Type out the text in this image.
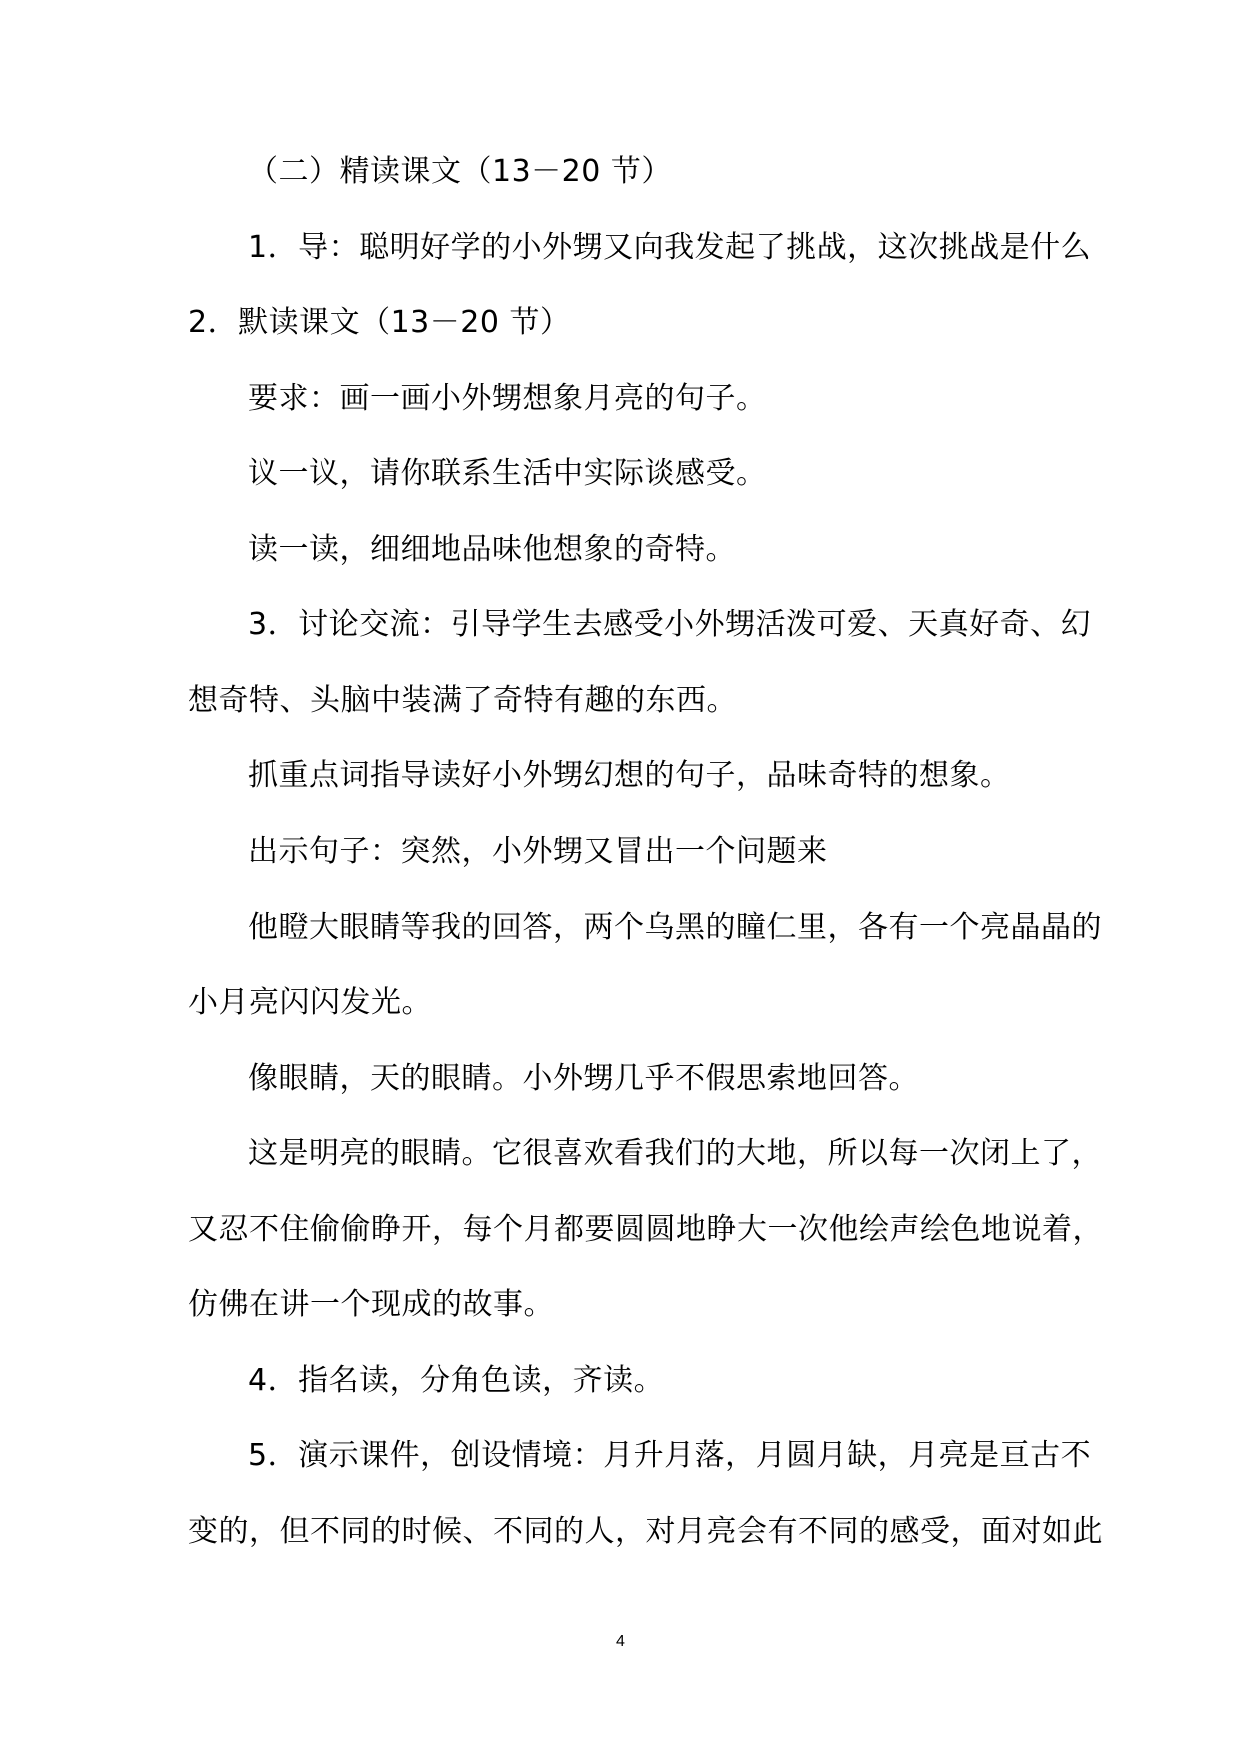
（二）精读课文（13－20 节）
1．导：聪明好学的小外甥又向我发起了挑战，这次挑战是什么
2．默读课文（13－20 节）
要求：画一画小外甥想象月亮的句子。
议一议，请你联系生活中实际谈感受。
读一读，细细地品味他想象的奇特。
3．讨论交流：引导学生去感受小外甥活泼可爱、天真好奇、幻
想奇特、头脑中装满了奇特有趣的东西。
抓重点词指导读好小外甥幻想的句子，品味奇特的想象。
出示句子：突然，小外甥又冒出一个问题来
他瞪大眼睛等我的回答，两个乌黑的瞳仁里，各有一个亮晶晶的
小月亮闪闪发光。
像眼睛，天的眼睛。小外甥几乎不假思索地回答。
这是明亮的眼睛。它很喜欢看我们的大地，所以每一次闭上了，
又忍不住偷偷睁开，每个月都要圆圆地睁大一次他绘声绘色地说着，
仿佛在讲一个现成的故事。
4．指名读，分角色读，齐读。
5．演示课件，创设情境：月升月落，月圆月缺，月亮是亘古不
变的，但不同的时候、不同的人，对月亮会有不同的感受，面对如此
4
